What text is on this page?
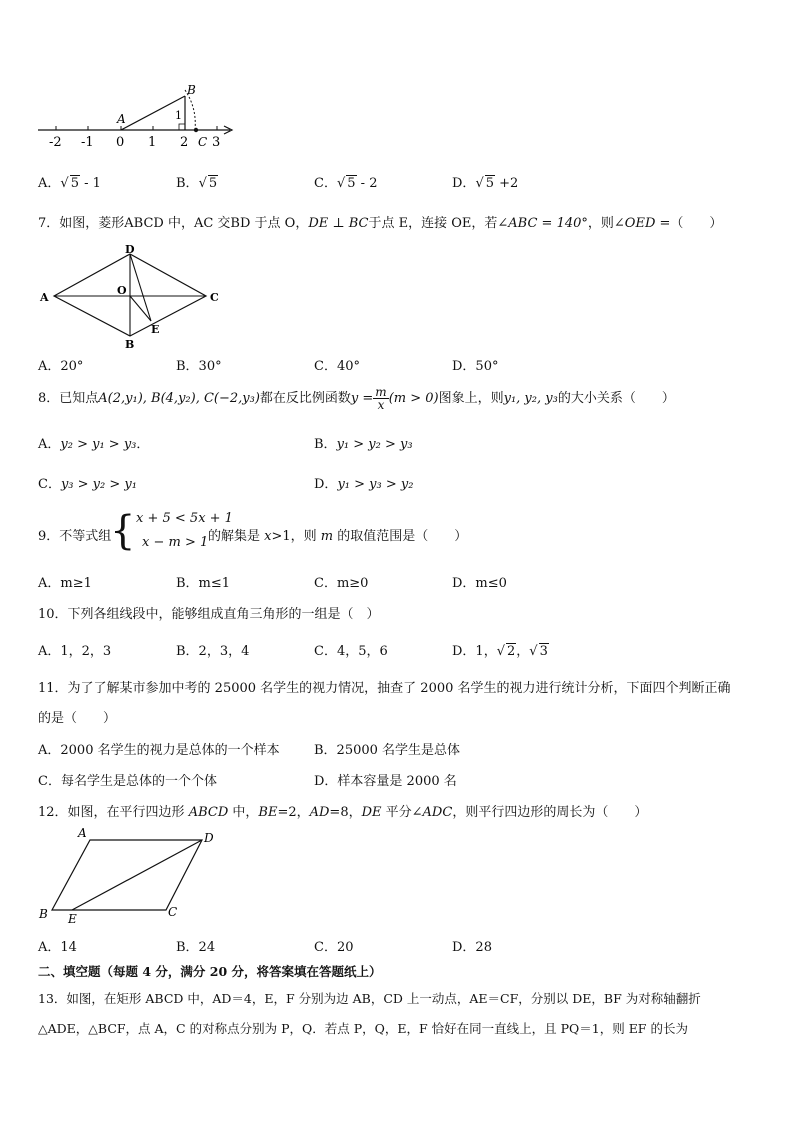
-2 -1 0 1 2 3
A
B
C
1
A．√ 5 - 1	B．√ 5	C．√ 5 - 2	D．√ 5 +2
7．如图，菱形ABCD 中，AC 交BD 于点 O，DE ⊥ BC于点 E，连接 OE，若∠ABC = 140°，则∠OED =（　　）
A
D
C
B
O
E
A．20°	B．30°	C．40°	D．50°
8．已知点A(2,y₁), B(4,y₂), C(−2,y₃)都在反比例函数$y = \frac{m}{x} (m > 0)$图象上，则y₁, y₂, y₃的大小关系（　　）
A．y₂ > y₁ > y₃．	B．y₁ > y₂ > y₃
C．y₃ > y₂ > y₁	D．y₁ > y₃ > y₂
9．不等式组
{ x + 5 < 5x + 1
x − m > 1 的解集是 x>1，则 m 的取值范围是（　　）
A．m≥1	B．m≤1	C．m≥0	D．m≤0
10．下列各组线段中，能够组成直角三角形的一组是（　）
A．1，2，3	B．2，3，4	C．4，5，6	D．1，√ 2，√ 3
11．为了了解某市参加中考的 25000 名学生的视力情况，抽查了 2000 名学生的视力进行统计分析，下面四个判断正确
的是（　　）
A．2000 名学生的视力是总体的一个样本	B．25000 名学生是总体
C．每名学生是总体的一个个体	D．样本容量是 2000 名
12．如图，在平行四边形 ABCD 中，BE=2，AD=8，DE 平分∠ADC，则平行四边形的周长为（　　）
A	D
B E	C
A．14	B．24	C．20	D．28
二、填空题（每题 4 分，满分 20 分，将答案填在答题纸上）
13．如图，在矩形 ABCD 中，AD＝4，E，F 分别为边 AB，CD 上一动点，AE＝CF，分别以 DE，BF 为对称轴翻折
△ADE，△BCF，点 A，C 的对称点分别为 P，Q．若点 P，Q，E，F 恰好在同一直线上，且 PQ＝1，则 EF 的长为
